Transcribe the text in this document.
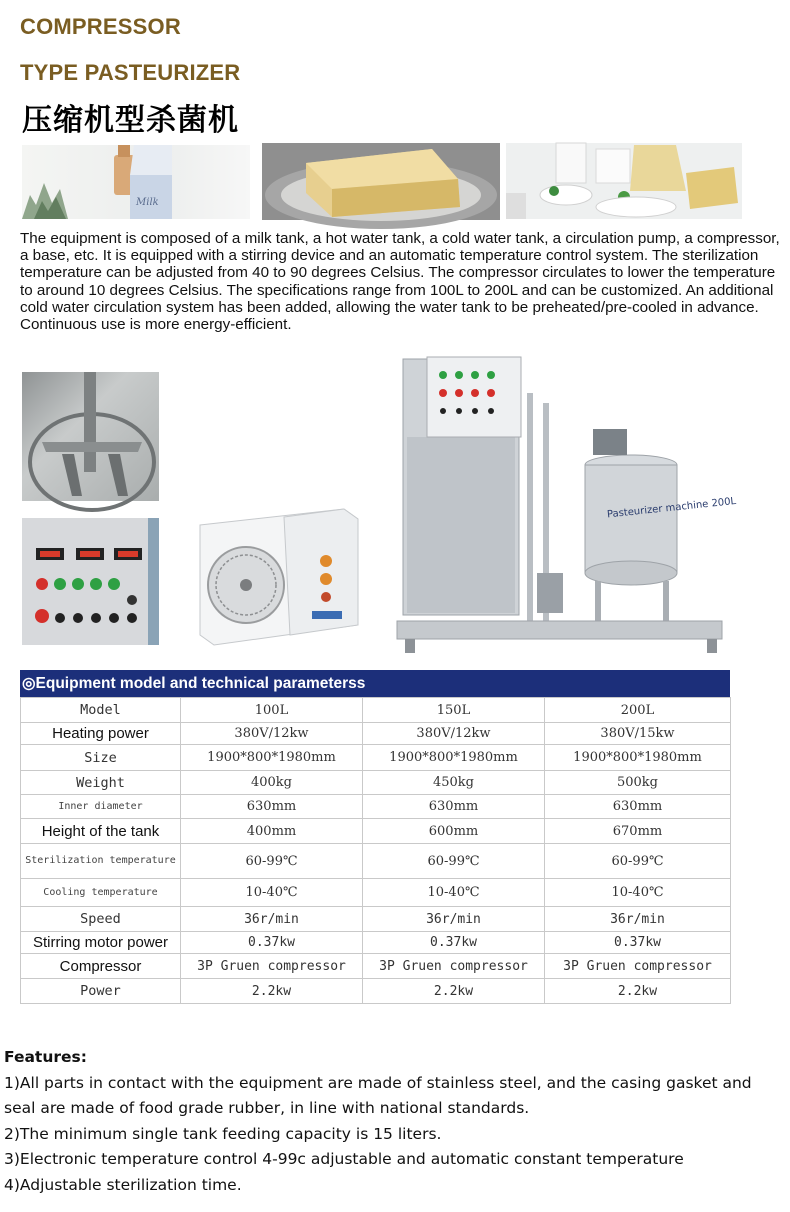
COMPRESSOR
TYPE PASTEURIZER
压缩机型杀菌机
Milk
The equipment is composed of a milk tank, a hot water tank, a cold water tank, a circulation pump, a compressor, a base, etc. It is equipped with a stirring device and an automatic temperature control system. The sterilization temperature can be adjusted from 40 to 90 degrees Celsius. The compressor circulates to lower the temperature to around 10 degrees Celsius. The specifications range from 100L to 200L and can be customized. An additional cold water circulation system has been added, allowing the water tank to be preheated/pre-cooled in advance. Continuous use is more energy-efficient.
Pasteurizer machine 200L
◎Equipment model and technical parameterss
Model	100L	150L	200L
Heating power	380V/12kw	380V/12kw	380V/15kw
Size	1900*800*1980mm	1900*800*1980mm	1900*800*1980mm
Weight	400kg	450kg	500kg
Inner diameter	630mm	630mm	630mm
Height of the tank	400mm	600mm	670mm
Sterilization temperature	60-99℃	60-99℃	60-99℃
Cooling temperature	10-40℃	10-40℃	10-40℃
Speed	36r/min	36r/min	36r/min
Stirring motor power	0.37kw	0.37kw	0.37kw
Compressor	3P Gruen compressor	3P Gruen compressor	3P Gruen compressor
Power	2.2kw	2.2kw	2.2kw
Features:
1)All parts in contact with the equipment are made of stainless steel, and the casing gasket and seal are made of food grade rubber, in line with national standards.
2)The minimum single tank feeding capacity is 15 liters.
3)Electronic temperature control 4-99c adjustable and automatic constant temperature
4)Adjustable sterilization time.
